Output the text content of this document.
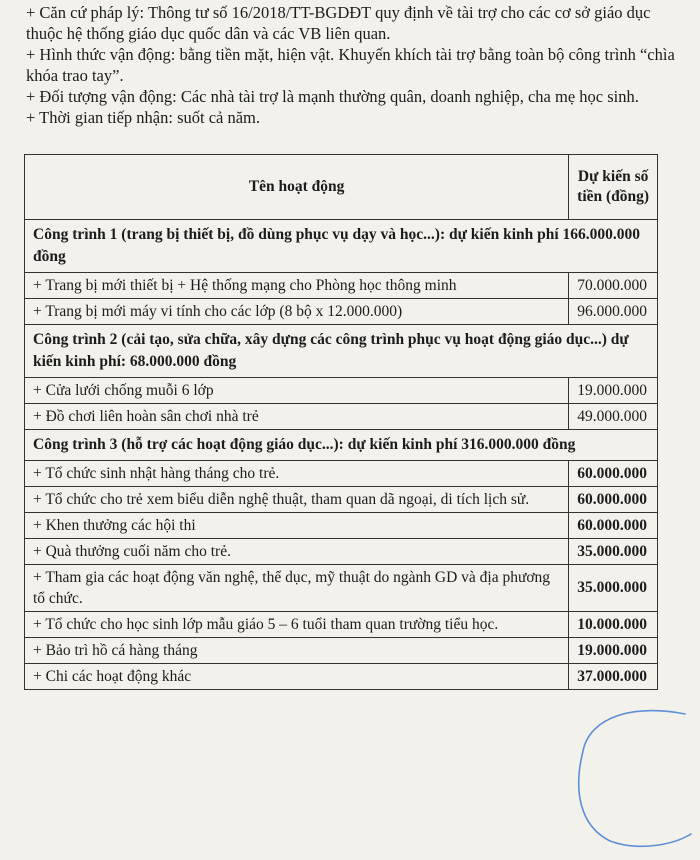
+ Căn cứ pháp lý: Thông tư số 16/2018/TT-BGDĐT quy định về tài trợ cho các cơ sở giáo dục thuộc hệ thống giáo dục quốc dân và các VB liên quan.

+ Hình thức vận động: bằng tiền mặt, hiện vật. Khuyến khích tài trợ bằng toàn bộ công trình “chìa khóa trao tay”.

+ Đối tượng vận động: Các nhà tài trợ là mạnh thường quân, doanh nghiệp, cha mẹ học sinh.

+ Thời gian tiếp nhận: suốt cả năm.

Tên hoạt động	Dự kiến số tiền (đồng)
Công trình 1 (trang bị thiết bị, đồ dùng phục vụ dạy và học...): dự kiến kinh phí 166.000.000 đồng	
+ Trang bị mới thiết bị + Hệ thống mạng cho Phòng học thông minh	70.000.000
+ Trang bị mới máy vi tính cho các lớp (8 bộ x 12.000.000)	96.000.000
Công trình 2 (cải tạo, sửa chữa, xây dựng các công trình phục vụ hoạt động giáo dục...) dự kiến kinh phí: 68.000.000 đồng	
+ Cửa lưới chống muỗi 6 lớp	19.000.000
+ Đồ chơi liên hoàn sân chơi nhà trẻ	49.000.000
Công trình 3 (hỗ trợ các hoạt động giáo dục...): dự kiến kinh phí 316.000.000 đồng	
+ Tổ chức sinh nhật hàng tháng cho trẻ.	60.000.000
+ Tổ chức cho trẻ xem biểu diễn nghệ thuật, tham quan dã ngoại, di tích lịch sử.	60.000.000
+ Khen thưởng các hội thi	60.000.000
+ Quà thưởng cuối năm cho trẻ.	35.000.000
+ Tham gia các hoạt động văn nghệ, thể dục, mỹ thuật do ngành GD và địa phương tổ chức.	35.000.000
+ Tổ chức cho học sinh lớp mẫu giáo 5 – 6 tuổi tham quan trường tiểu học.	10.000.000
+ Bảo trì hồ cá hàng tháng	19.000.000
+ Chi các hoạt động khác	37.000.000
